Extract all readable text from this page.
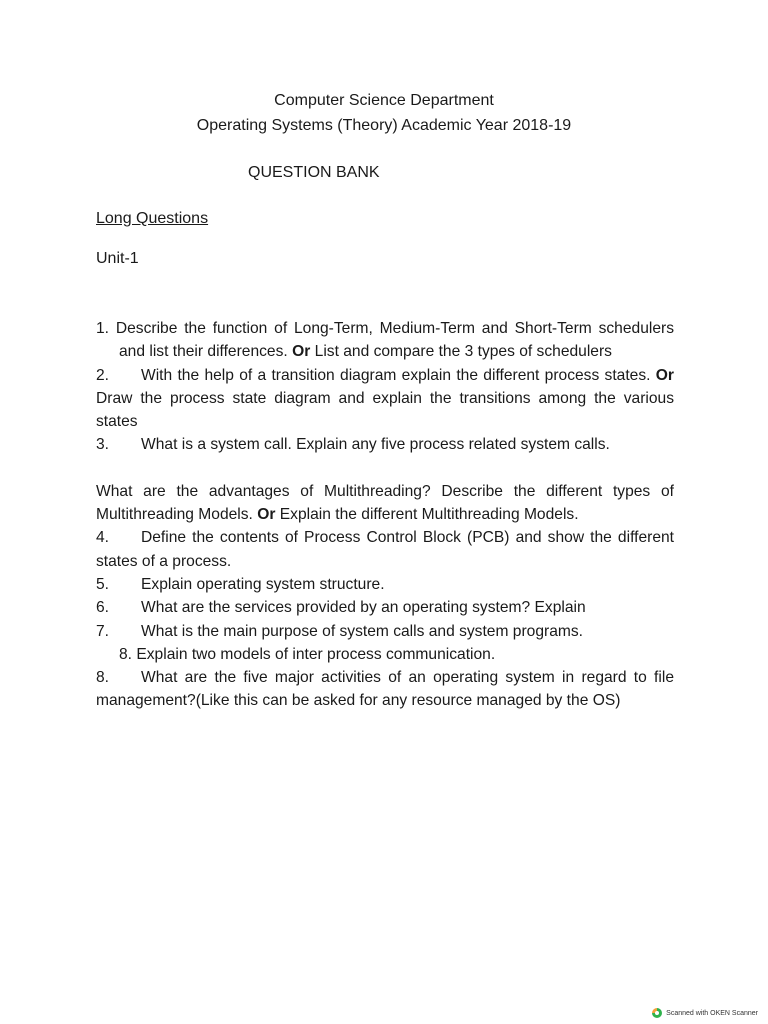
Computer Science Department
Operating Systems (Theory) Academic Year 2018-19
QUESTION BANK
Long Questions
Unit-1
1. Describe the function of Long-Term, Medium-Term and Short-Term schedulers and list their differences. Or List and compare the 3 types of schedulers
2. With the help of a transition diagram explain the different process states. Or Draw the process state diagram and explain the transitions among the various states
3. What is a system call. Explain any five process related system calls.
What are the advantages of Multithreading? Describe the different types of Multithreading Models. Or Explain the different Multithreading Models.
4. Define the contents of Process Control Block (PCB) and show the different states of a process.
5. Explain operating system structure.
6. What are the services provided by an operating system? Explain
7. What is the main purpose of system calls and system programs.
8. Explain two models of inter process communication.
8. What are the five major activities of an operating system in regard to file management?(Like this can be asked for any resource managed by the OS)
Scanned with OKEN Scanner
